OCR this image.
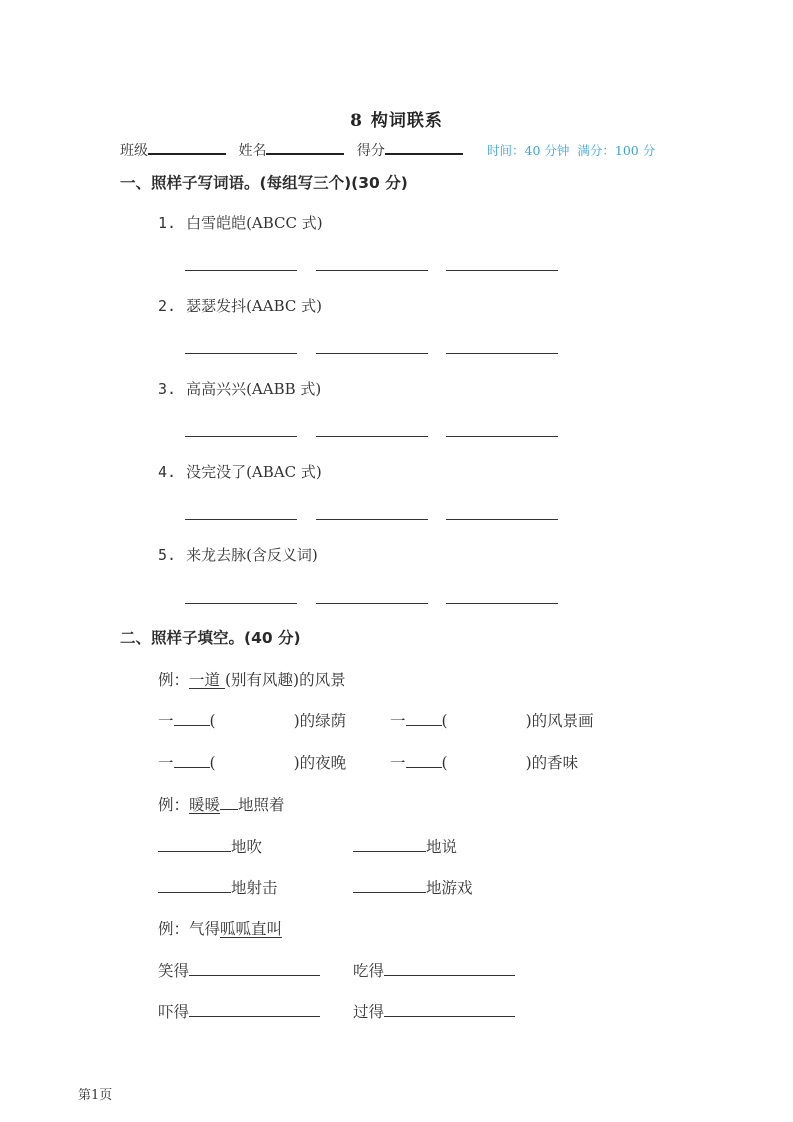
8 构词联系
班级	姓名	得分	时间：40 分钟 满分：100 分
一、照样子写词语。(每组写三个)(30 分)
1. 白雪皑皑(ABCC 式)
2. 瑟瑟发抖(AABC 式)
3. 高高兴兴(AABB 式)
4. 没完没了(ABAC 式)
5. 来龙去脉(含反义词)
二、照样子填空。(40 分)
例：一道 (别有风趣)的风景
一 (	)的绿荫	一 (	)的风景画
一 (	)的夜晚	一 (	)的香味
例：暖暖 地照着
地吹	地说
地射击	地游戏
例：气得呱呱直叫
笑得	吃得
吓得	过得
第1页
